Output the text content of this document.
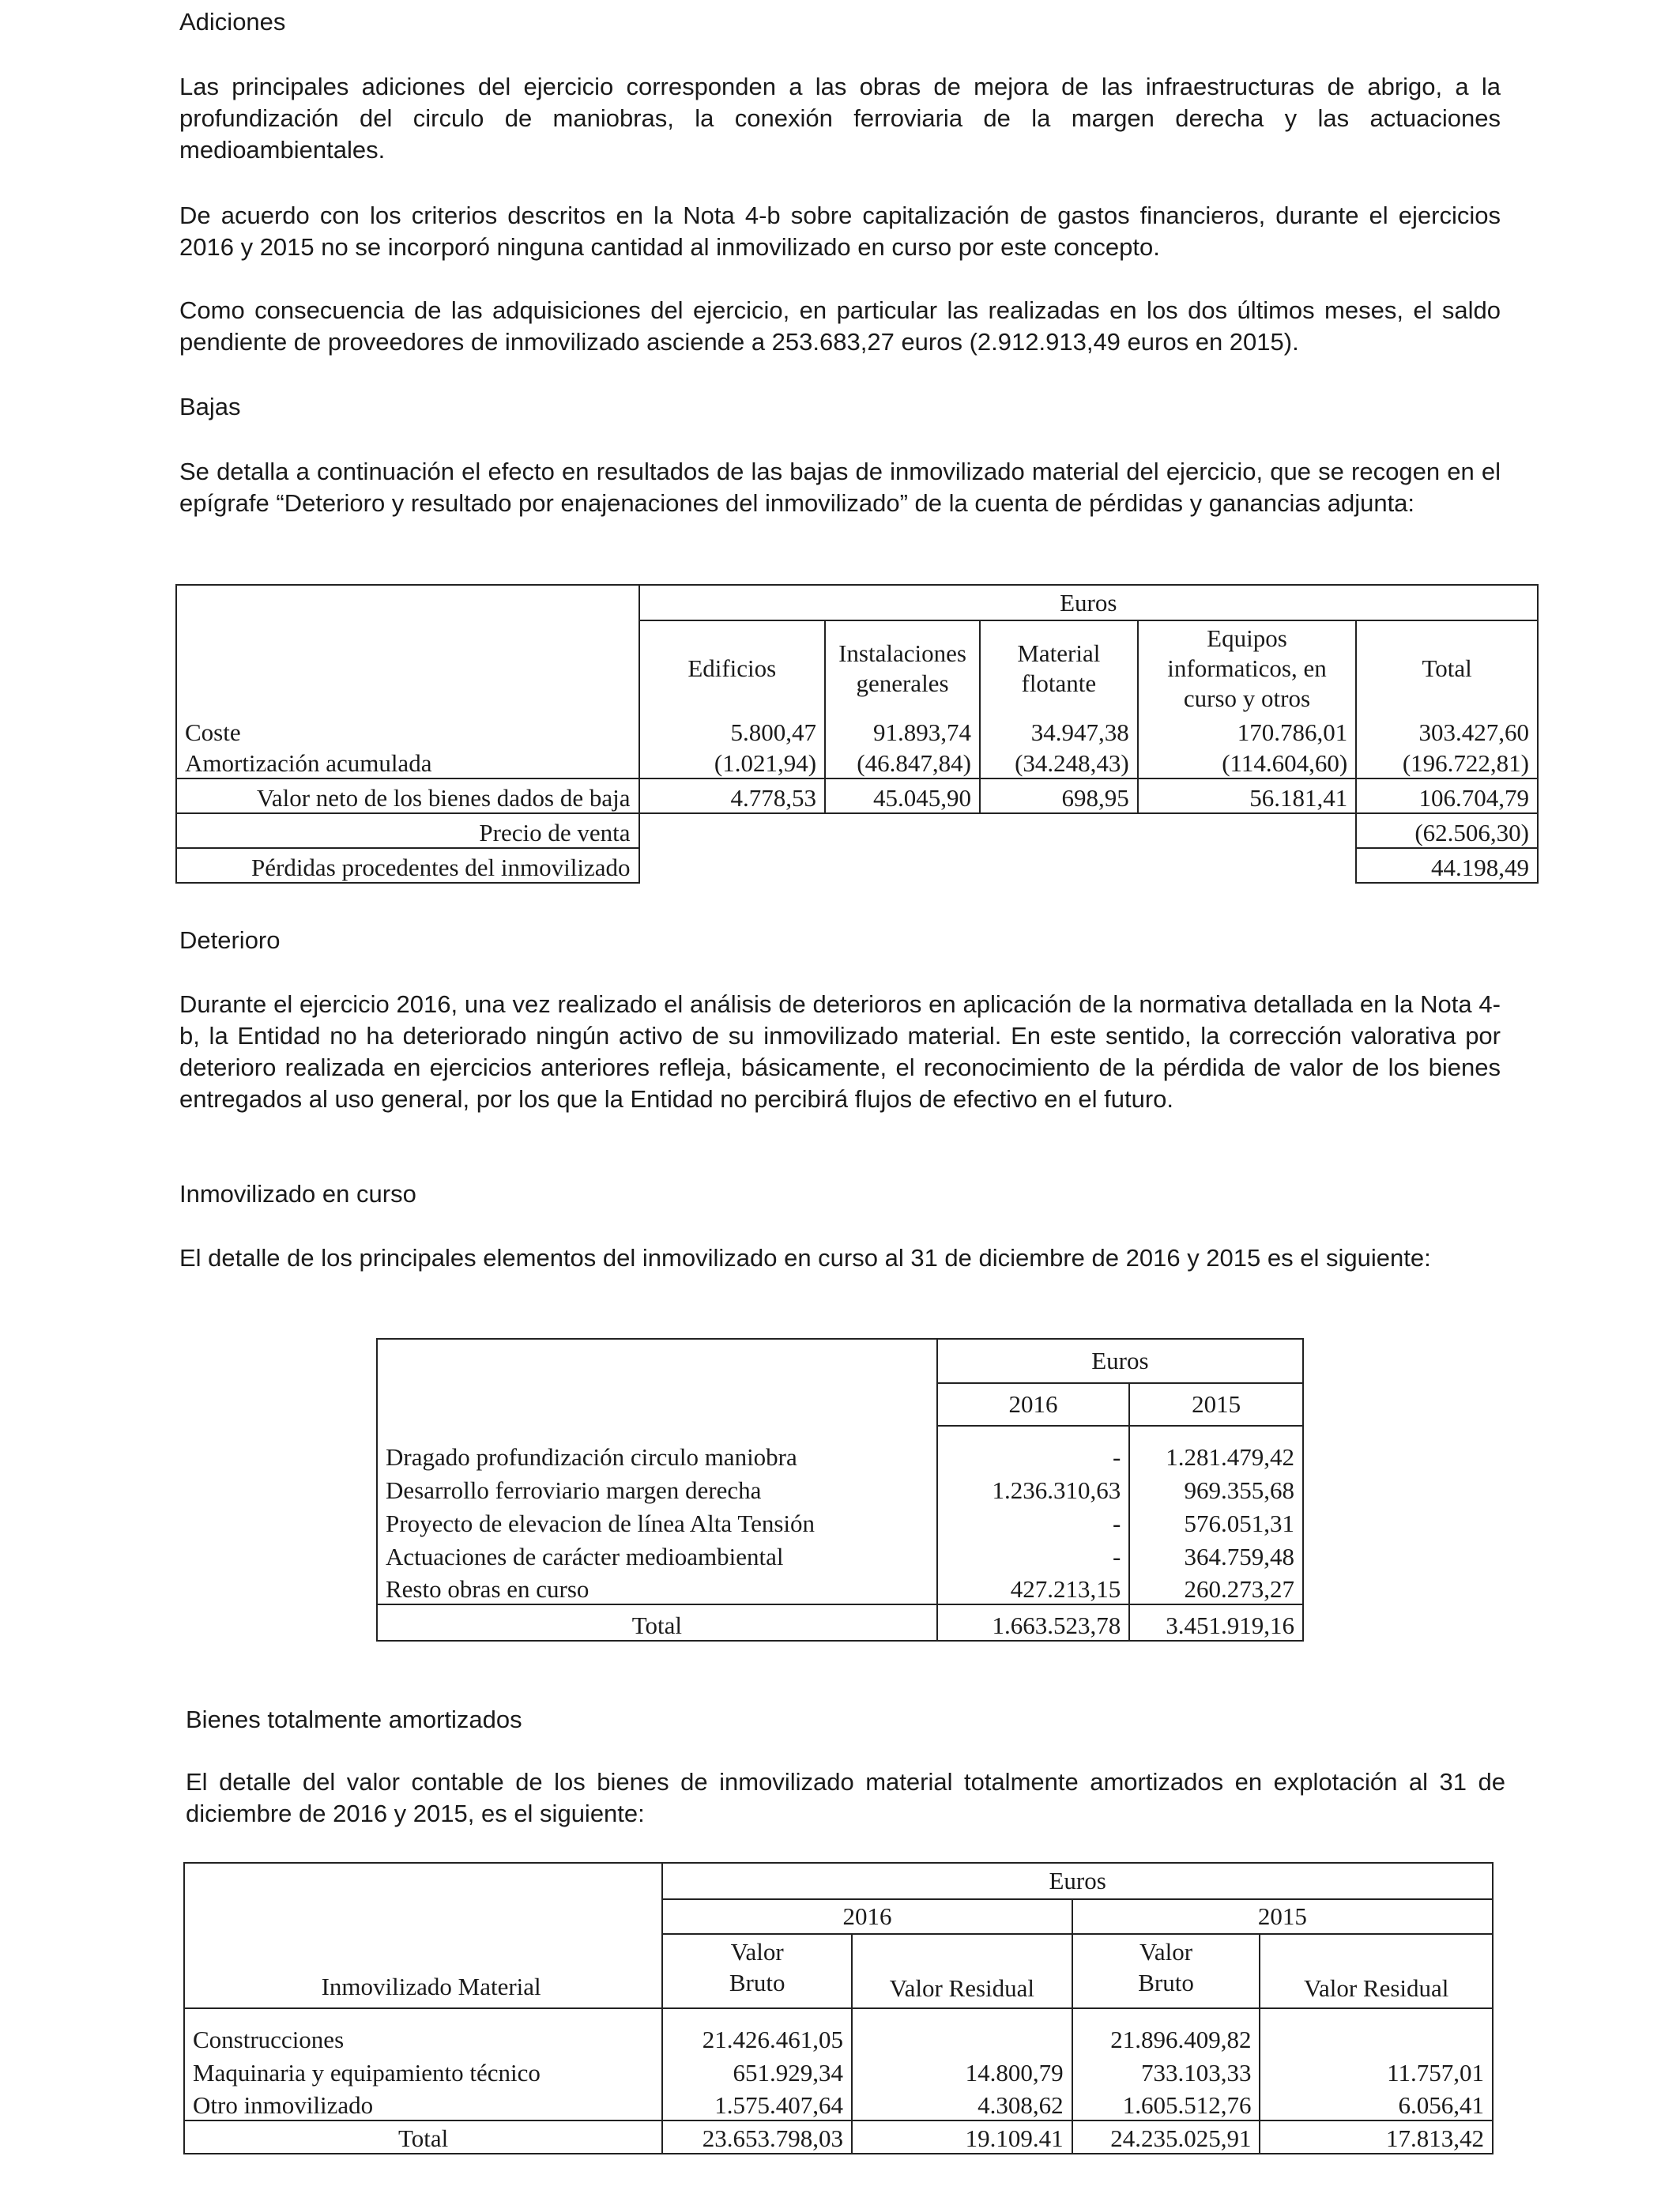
Adiciones
Las principales adiciones del ejercicio corresponden a las obras de mejora de las infraestructuras de abrigo, a la profundización del circulo de maniobras, la conexión ferroviaria de la margen derecha y las actuaciones medioambientales.
De acuerdo con los criterios descritos en la Nota 4-b sobre capitalización de gastos financieros, durante el ejercicios 2016 y 2015 no se incorporó ninguna cantidad al inmovilizado en curso por este concepto.
Como consecuencia de las adquisiciones del ejercicio, en particular las realizadas en los dos últimos meses, el saldo pendiente de proveedores de inmovilizado asciende a 253.683,27 euros (2.912.913,49 euros en 2015).
Bajas
Se detalla a continuación el efecto en resultados de las bajas de inmovilizado material del ejercicio, que se recogen en el epígrafe “Deterioro y resultado por enajenaciones del inmovilizado” de la cuenta de pérdidas y ganancias adjunta:
	Euros				
	Edificios	Instalaciones generales	Material flotante	Equipos informaticos, en curso y otros	Total
Coste	5.800,47	91.893,74	34.947,38	170.786,01	303.427,60
Amortización acumulada	(1.021,94)	(46.847,84)	(34.248,43)	(114.604,60)	(196.722,81)
Valor neto de los bienes dados de baja	4.778,53	45.045,90	698,95	56.181,41	106.704,79
Precio de venta					(62.506,30)
Pérdidas procedentes del inmovilizado					44.198,49
Deterioro
Durante el ejercicio 2016, una vez realizado el análisis de deterioros en aplicación de la normativa detallada en la Nota 4-b, la Entidad no ha deteriorado ningún activo de su inmovilizado material. En este sentido, la corrección valorativa por deterioro realizada en ejercicios anteriores refleja, básicamente, el reconocimiento de la pérdida de valor de los bienes entregados al uso general, por los que la Entidad no percibirá flujos de efectivo en el futuro.
Inmovilizado en curso
El detalle de los principales elementos del inmovilizado en curso al 31 de diciembre de 2016 y 2015 es el siguiente:
	Euros	
	2016	2015
Dragado profundización circulo maniobra	-	1.281.479,42
Desarrollo ferroviario margen derecha	1.236.310,63	969.355,68
Proyecto de elevacion de línea Alta Tensión	-	576.051,31
Actuaciones de carácter medioambiental	-	364.759,48
Resto obras en curso	427.213,15	260.273,27
Total	1.663.523,78	3.451.919,16
Bienes totalmente amortizados
El detalle del valor contable de los bienes de inmovilizado material totalmente amortizados en explotación al 31 de diciembre de 2016 y 2015, es el siguiente:
Inmovilizado Material	Euros			
	2016		2015	
	Valor	Valor Residual	Valor	Valor Residual
	Bruto		Bruto	

Construcciones	21.426.461,05		21.896.409,82	
Maquinaria y equipamiento técnico	651.929,34	14.800,79	733.103,33	11.757,01
Otro inmovilizado	1.575.407,64	4.308,62	1.605.512,76	6.056,41
Total	23.653.798,03	19.109.41	24.235.025,91	17.813,42
